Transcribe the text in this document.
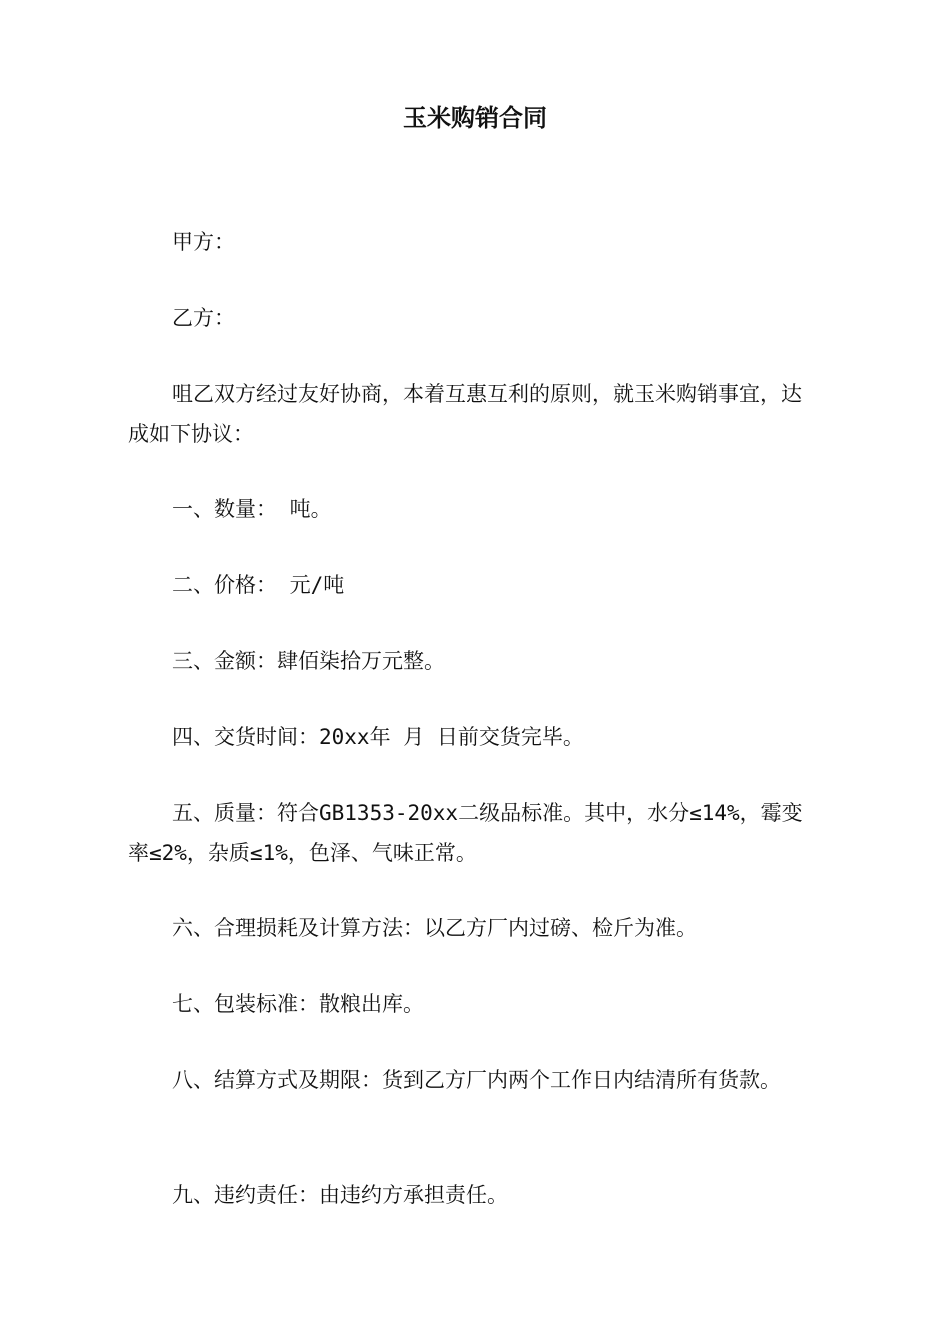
玉米购销合同
甲方：
乙方：
咀乙双方经过友好协商，本着互惠互利的原则，就玉米购销事宜，达成如下协议：
一、数量： 吨。
二、价格： 元/吨
三、金额：肆佰柒拾万元整。
四、交货时间：20xx年 月 日前交货完毕。
五、质量：符合GB1353-20xx二级品标准。其中，水分≤14%，霉变率≤2%，杂质≤1%，色泽、气味正常。
六、合理损耗及计算方法：以乙方厂内过磅、检斤为准。
七、包装标准：散粮出库。
八、结算方式及期限：货到乙方厂内两个工作日内结清所有货款。
九、违约责任：由违约方承担责任。
